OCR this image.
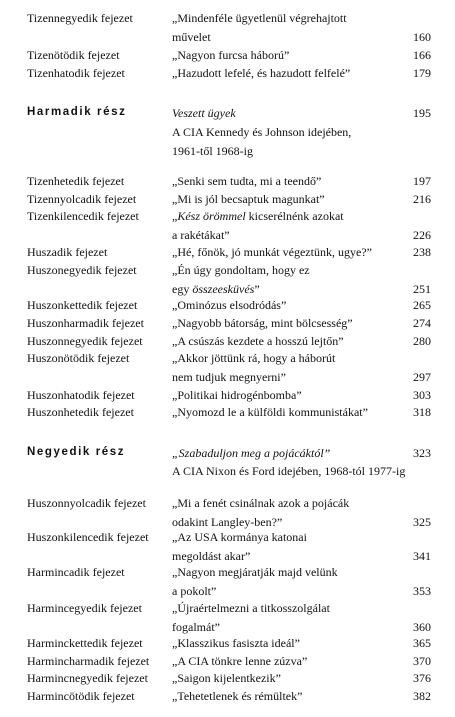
Tizennegyedik fejezet	„Mindenféle ügyetlenül végrehajtott
művelet	160
Tizenötödik fejezet	„Nagyon furcsa háború”	166
Tizenhatodik fejezet	„Hazudott lefelé, és hazudott felfelé”	179
Harmadik rész	Veszett ügyek	195
A CIA Kennedy és Johnson idejében,
1961-től 1968-ig
Tizenhetedik fejezet	„Senki sem tudta, mi a teendő”	197
Tizennyolcadik fejezet	„Mi is jól becsaptuk magunkat”	216
Tizenkilencedik fejezet	„Kész örömmel kicserélnénk azokat
a rakétákat”	226
Huszadik fejezet	„Hé, főnök, jó munkát végeztünk, ugye?”	238
Huszonegyedik fejezet	„Én úgy gondoltam, hogy ez
egy összeesküvés”	251
Huszonkettedik fejezet	„Ominózus elsodródás”	265
Huszonharmadik fejezet „Nagyobb bátorság, mint bölcsesség”	274
Huszonnegyedik fejezet „A csúszás kezdete a hosszú lejtőn”	280
Huszonötödik fejezet	„Akkor jöttünk rá, hogy a háborút
nem tudjuk megnyerni”	297
Huszonhatodik fejezet	„Politikai hidrogénbomba”	303
Huszonhetedik fejezet	„Nyomozd le a külföldi kommunistákat”	318
Negyedik rész	„Szabaduljon meg a pojácáktól”	323
A CIA Nixon és Ford idejében, 1968-tól 1977-ig
Huszonnyolcadik fejezet „Mi a fenét csinálnak azok a pojácák
odakint Langley-ben?”	325
Huszonkilencedik fejezet „Az USA kormánya katonai
megoldást akar”	341
Harmincadik fejezet	„Nagyon megjáratják majd velünk
a pokolt”	353
Harmincegyedik fejezet	„Újraértelmezni a titkosszolgálat
fogalmát”	360
Harminckettedik fejezet „Klasszikus fasiszta ideál”	365
Harmincharmadik fejezet „A CIA tönkre lenne zúzva”	370
Harmincnegyedik fejezet „Saigon kijelentkezik”	376
Harmincötödik fejezet	„Tehetetlenek és rémültek”	382
